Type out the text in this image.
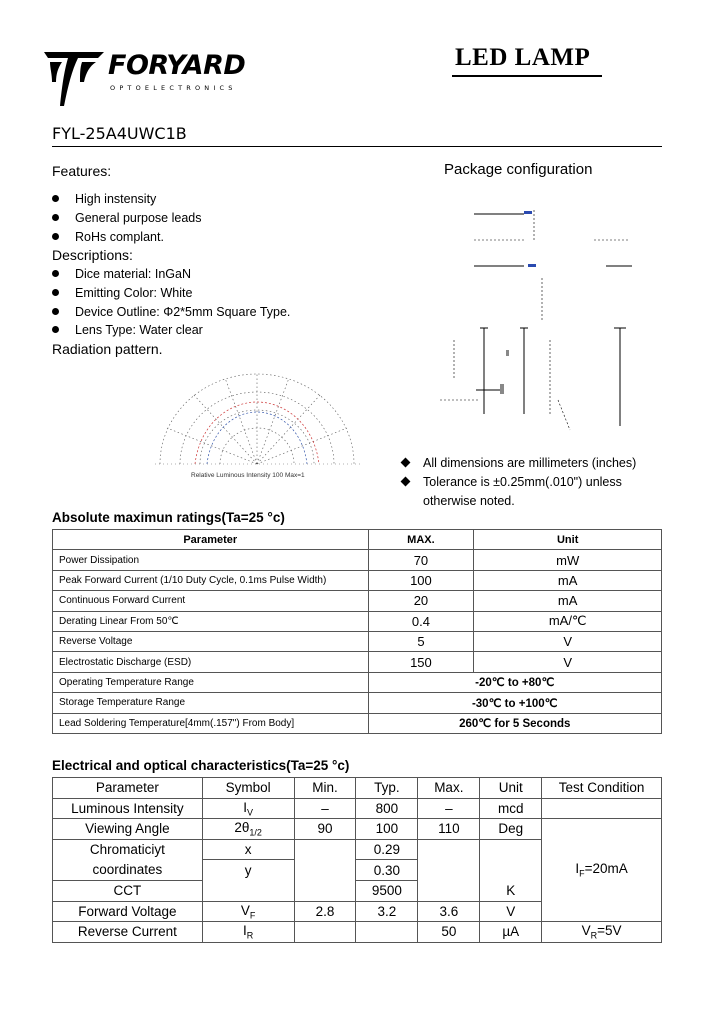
FORYARD
OPTOELECTRONICS
LED LAMP
FYL-25A4UWC1B
Features:
High instensity
General purpose leads
RoHs complant.
Descriptions:
Dice material: InGaN
Emitting Color: White
Device Outline: Φ2*5mm Square Type.
Lens Type: Water clear
Radiation pattern.
Relative Luminous Intensity 100 Max=1
Package configuration

All dimensions are millimeters (inches)

Tolerance is ±0.25mm(.010") unless

otherwise noted.

Absolute maximun ratings(Ta=25 °c)
Parameter	MAX.	Unit
Power Dissipation	70	mW
Peak Forward Current (1/10 Duty Cycle, 0.1ms Pulse Width)	100	mA
Continuous Forward Current	20	mA
Derating Linear From 50℃	0.4	mA/℃
Reverse Voltage	5	V
Electrostatic Discharge (ESD)	150	V
Operating Temperature Range	-20℃ to +80℃	
Storage Temperature Range	-30℃ to +100℃	
Lead Soldering Temperature[4mm(.157") From Body]	260℃ for 5 Seconds	
Electrical and optical characteristics(Ta=25 °c)
Parameter	Symbol	Min.	Typ.	Max.	Unit	Test Condition
Luminous Intensity	$I_V$	–	800	–	mcd	
Viewing Angle	$2\theta_{1/2}$	90	100	110	Deg	$I_F=20mA$
Chromaticiyt	x		0.29			
coordinates	y		0.30			
CCT			9500		K	
Forward Voltage	$V_F$	2.8	3.2	3.6	V	
Reverse Current	$I_R$			50	µA	$V_R=5V$
